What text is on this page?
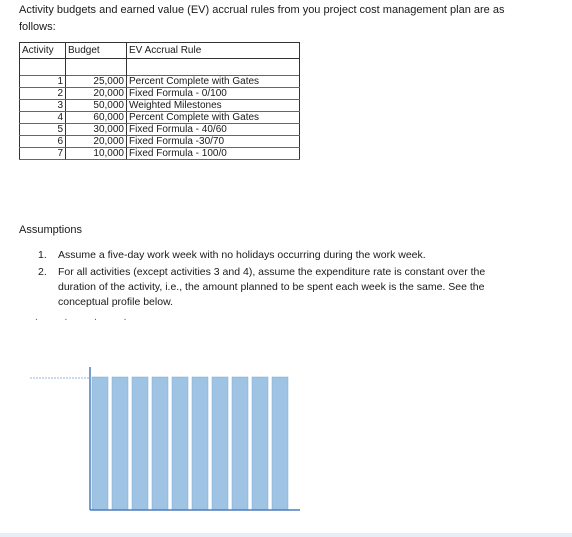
Activity budgets and earned value (EV) accrual rules from you project cost management plan are as
follows:
Activity	Budget	EV Accrual Rule

1	25,000	Percent Complete with Gates
2	20,000	Fixed Formula - 0/100
3	50,000	Weighted Milestones
4	60,000	Percent Complete with Gates
5	30,000	Fixed Formula - 40/60
6	20,000	Fixed Formula -30/70
7	10,000	Fixed Formula - 100/0
Assumptions
1. Assume a five-day work week with no holidays occurring during the work week.
2. For all activities (except activities 3 and 4), assume the expenditure rate is constant over the duration of the activity, i.e., the amount planned to be spent each week is the same. See the conceptual profile below.
. . . .
